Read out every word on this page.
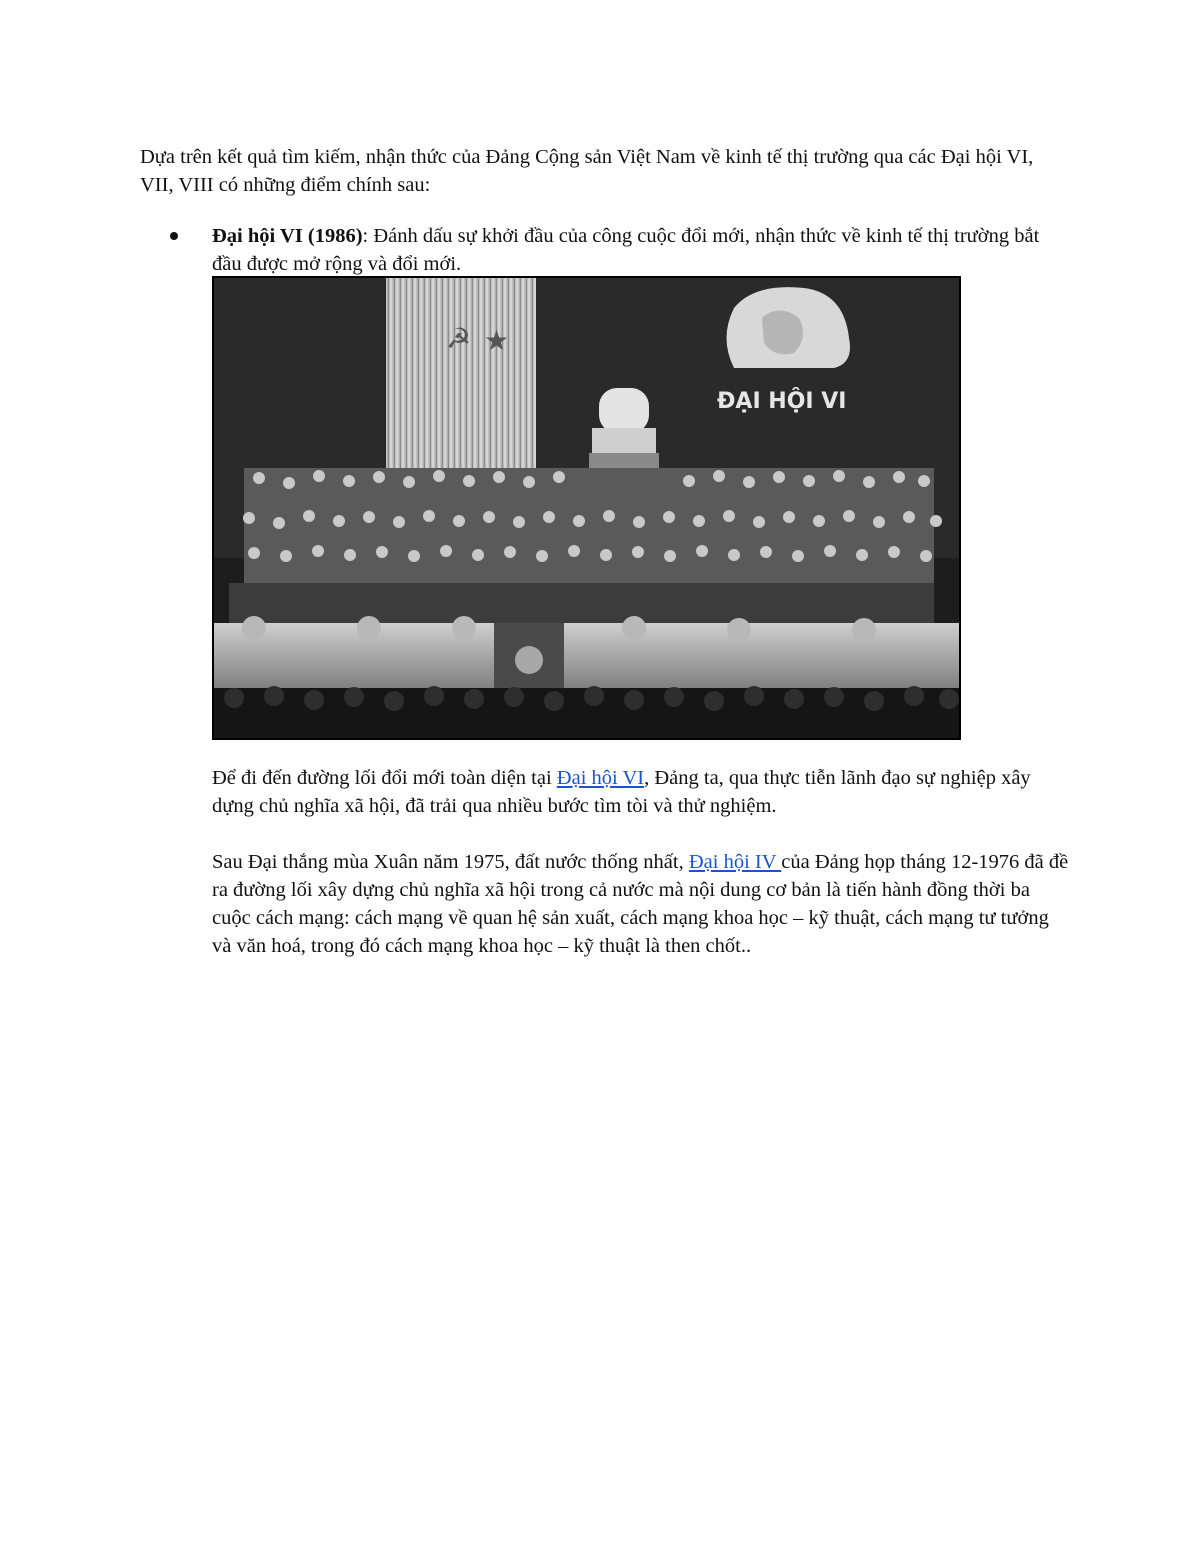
Dựa trên kết quả tìm kiếm, nhận thức của Đảng Cộng sản Việt Nam về kinh tế thị trường qua các Đại hội VI, VII, VIII có những điểm chính sau:

Đại hội VI (1986): Đánh dấu sự khởi đầu của công cuộc đổi mới, nhận thức về kinh tế thị trường bắt đầu được mở rộng và đổi mới.

☭ ★
ĐẠI HỘI VI

Để đi đến đường lối đổi mới toàn diện tại Đại hội VI, Đảng ta, qua thực tiễn lãnh đạo sự nghiệp xây dựng chủ nghĩa xã hội, đã trải qua nhiều bước tìm tòi và thử nghiệm.

Sau Đại thắng mùa Xuân năm 1975, đất nước thống nhất, Đại hội IV của Đảng họp tháng 12-1976 đã đề ra đường lối xây dựng chủ nghĩa xã hội trong cả nước mà nội dung cơ bản là tiến hành đồng thời ba cuộc cách mạng: cách mạng về quan hệ sản xuất, cách mạng khoa học – kỹ thuật, cách mạng tư tưởng và văn hoá, trong đó cách mạng khoa học – kỹ thuật là then chốt..
